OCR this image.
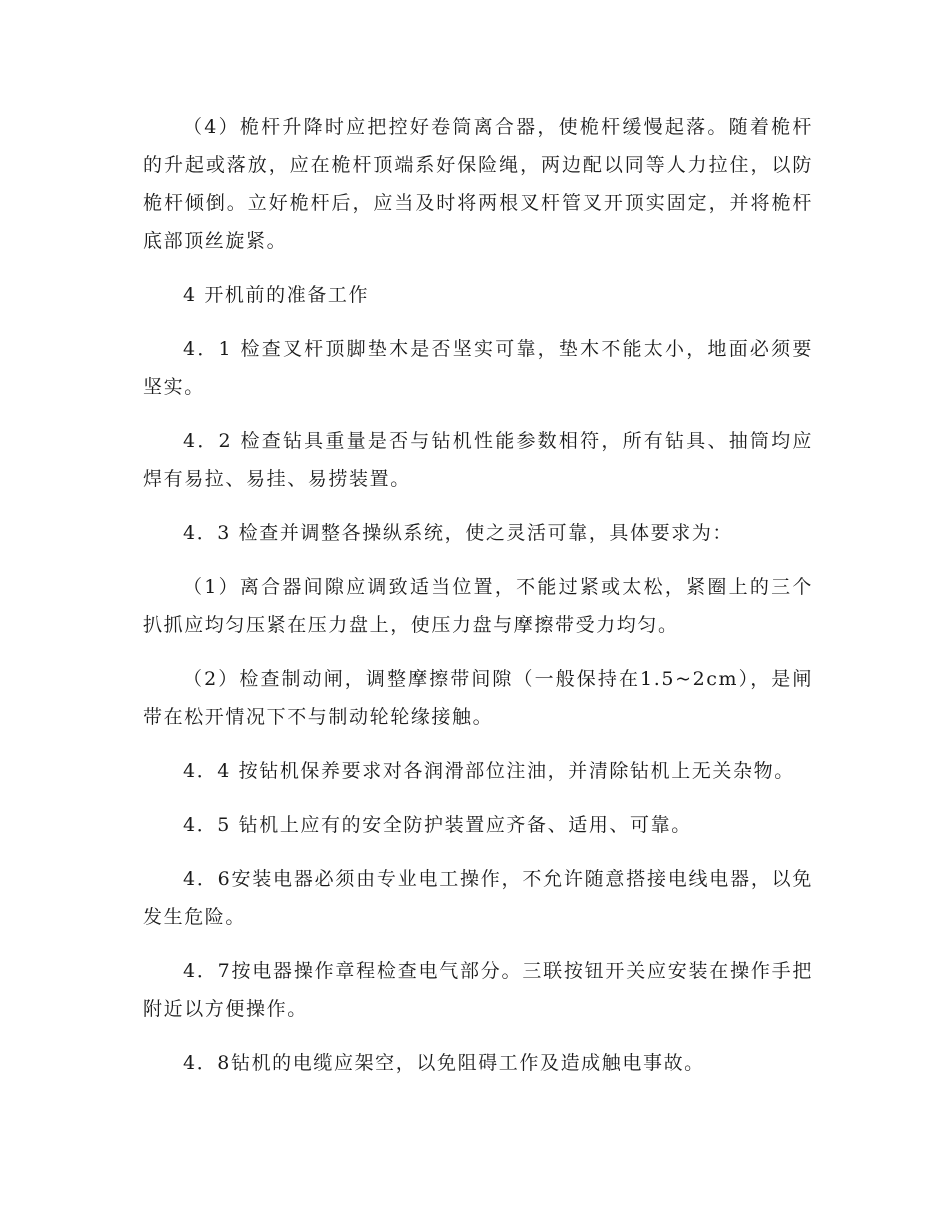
（4）桅杆升降时应把控好卷筒离合器，使桅杆缓慢起落。随着桅杆的升起或落放，应在桅杆顶端系好保险绳，两边配以同等人力拉住，以防桅杆倾倒。立好桅杆后，应当及时将两根叉杆管叉开顶实固定，并将桅杆底部顶丝旋紧。

4 开机前的准备工作

4．1 检查叉杆顶脚垫木是否坚实可靠，垫木不能太小，地面必须要坚实。

4．2 检查钻具重量是否与钻机性能参数相符，所有钻具、抽筒均应焊有易拉、易挂、易捞装置。

4．3 检查并调整各操纵系统，使之灵活可靠，具体要求为：

（1）离合器间隙应调致适当位置，不能过紧或太松，紧圈上的三个扒抓应均匀压紧在压力盘上，使压力盘与摩擦带受力均匀。

（2）检查制动闸，调整摩擦带间隙（一般保持在1.5~2cm），是闸带在松开情况下不与制动轮轮缘接触。

4．4 按钻机保养要求对各润滑部位注油，并清除钻机上无关杂物。

4．5 钻机上应有的安全防护装置应齐备、适用、可靠。

4．6安装电器必须由专业电工操作，不允许随意搭接电线电器，以免发生危险。

4．7按电器操作章程检查电气部分。三联按钮开关应安装在操作手把附近以方便操作。

4．8钻机的电缆应架空，以免阻碍工作及造成触电事故。
